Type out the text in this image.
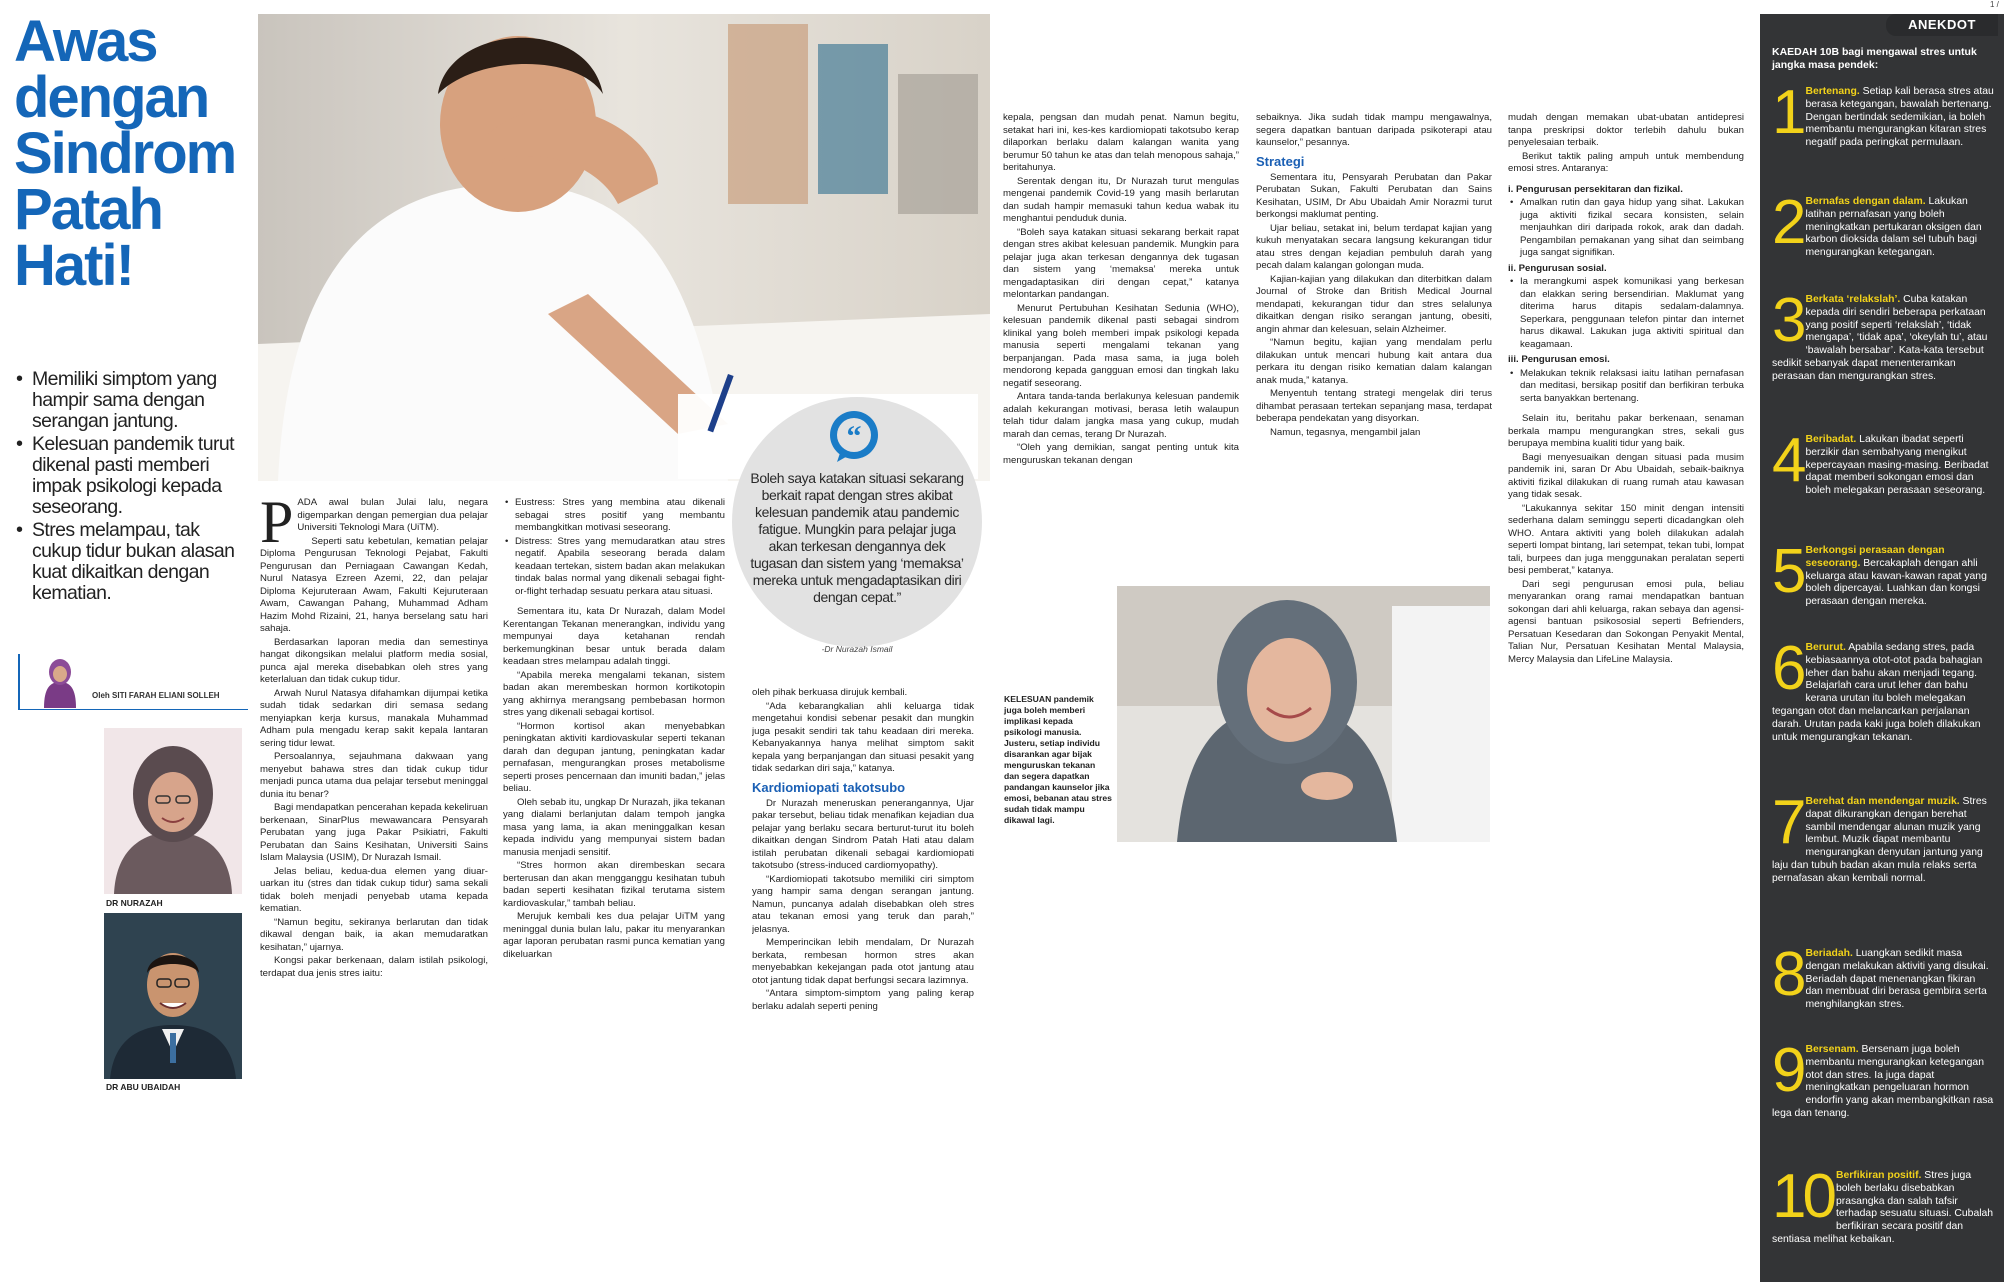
Awas dengan Sindrom Patah Hati!
• Memiliki simptom yang hampir sama dengan serangan jantung.
• Kelesuan pandemik turut dikenal pasti memberi impak psikologi kepada seseorang.
• Stres melampau, tak cukup tidur bukan alasan kuat dikaitkan dengan kematian.
Oleh SITI FARAH ELIANI SOLLEH
DR NURAZAH
DR ABU UBAIDAH

PADA awal bulan Julai lalu, negara digemparkan dengan pemergian dua pelajar Universiti Teknologi Mara (UiTM).

Seperti satu kebetulan, kematian pelajar Diploma Pengurusan Teknologi Pejabat, Fakulti Pengurusan dan Perniagaan Cawangan Kedah, Nurul Natasya Ezreen Azemi, 22, dan pelajar Diploma Kejuruteraan Awam, Fakulti Kejuruteraan Awam, Cawangan Pahang, Muhammad Adham Hazim Mohd Rizaini, 21, hanya berselang satu hari sahaja.

Berdasarkan laporan media dan semestinya hangat dikongsikan melalui platform media sosial, punca ajal mereka disebabkan oleh stres yang keterlaluan dan tidak cukup tidur.

Arwah Nurul Natasya difahamkan dijumpai ketika sudah tidak sedarkan diri semasa sedang menyiapkan kerja kursus, manakala Muhammad Adham pula mengadu kerap sakit kepala lantaran sering tidur lewat.

Persoalannya, sejauhmana dakwaan yang menyebut bahawa stres dan tidak cukup tidur menjadi punca utama dua pelajar tersebut meninggal dunia itu benar?

Bagi mendapatkan pencerahan kepada kekeliruan berkenaan, SinarPlus mewawancara Pensyarah Perubatan yang juga Pakar Psikiatri, Fakulti Perubatan dan Sains Kesihatan, Universiti Sains Islam Malaysia (USIM), Dr Nurazah Ismail.

Jelas beliau, kedua-dua elemen yang diuar-uarkan itu (stres dan tidak cukup tidur) sama sekali tidak boleh menjadi penyebab utama kepada kematian.

“Namun begitu, sekiranya berlarutan dan tidak dikawal dengan baik, ia akan memudaratkan kesihatan,” ujarnya.

Kongsi pakar berkenaan, dalam istilah psikologi, terdapat dua jenis stres iaitu:

• Eustress: Stres yang membina atau dikenali sebagai stres positif yang membantu membangkitkan motivasi seseorang.
• Distress: Stres yang memudaratkan atau stres negatif. Apabila seseorang berada dalam keadaan tertekan, sistem badan akan melakukan tindak balas normal yang dikenali sebagai fight-or-flight terhadap sesuatu perkara atau situasi.

Sementara itu, kata Dr Nurazah, dalam Model Kerentangan Tekanan menerangkan, individu yang mempunyai daya ketahanan rendah berkemungkinan besar untuk berada dalam keadaan stres melampau adalah tinggi.

“Apabila mereka mengalami tekanan, sistem badan akan merembeskan hormon kortikotopin yang akhirnya merangsang pembebasan hormon stres yang dikenali sebagai kortisol.

“Hormon kortisol akan menyebabkan peningkatan aktiviti kardiovaskular seperti tekanan darah dan degupan jantung, peningkatan kadar pernafasan, mengurangkan proses metabolisme seperti proses pencernaan dan imuniti badan,” jelas beliau.

Oleh sebab itu, ungkap Dr Nurazah, jika tekanan yang dialami berlanjutan dalam tempoh jangka masa yang lama, ia akan meninggalkan kesan kepada individu yang mempunyai sistem badan manusia menjadi sensitif.

“Stres hormon akan dirembeskan secara berterusan dan akan mengganggu kesihatan tubuh badan seperti kesihatan fizikal terutama sistem kardiovaskular,” tambah beliau.

Merujuk kembali kes dua pelajar UiTM yang meninggal dunia bulan lalu, pakar itu menyarankan agar laporan perubatan rasmi punca kematian yang dikeluarkan

“
Boleh saya katakan situasi sekarang berkait rapat dengan stres akibat kelesuan pandemik atau pandemic fatigue. Mungkin para pelajar juga akan terkesan dengannya dek tugasan dan sistem yang ‘memaksa’ mereka untuk mengadaptasikan diri dengan cepat.”
-Dr Nurazah Ismail

oleh pihak berkuasa dirujuk kembali.

“Ada kebarangkalian ahli keluarga tidak mengetahui kondisi sebenar pesakit dan mungkin juga pesakit sendiri tak tahu keadaan diri mereka. Kebanyakannya hanya melihat simptom sakit kepala yang berpanjangan dan situasi pesakit yang tidak sedarkan diri saja,” katanya.

Kardiomiopati takotsubo

Dr Nurazah meneruskan penerangannya, Ujar pakar tersebut, beliau tidak menafikan kejadian dua pelajar yang berlaku secara berturut-turut itu boleh dikaitkan dengan Sindrom Patah Hati atau dalam istilah perubatan dikenali sebagai kardiomiopati takotsubo (stress-induced cardiomyopathy).

“Kardiomiopati takotsubo memiliki ciri simptom yang hampir sama dengan serangan jantung. Namun, puncanya adalah disebabkan oleh stres atau tekanan emosi yang teruk dan parah,” jelasnya.

Memperincikan lebih mendalam, Dr Nurazah berkata, rembesan hormon stres akan menyebabkan kekejangan pada otot jantung atau otot jantung tidak dapat berfungsi secara lazimnya.

“Antara simptom-simptom yang paling kerap berlaku adalah seperti pening

kepala, pengsan dan mudah penat. Namun begitu, setakat hari ini, kes-kes kardiomiopati takotsubo kerap dilaporkan berlaku dalam kalangan wanita yang berumur 50 tahun ke atas dan telah menopous sahaja,” beritahunya.

Serentak dengan itu, Dr Nurazah turut mengulas mengenai pandemik Covid-19 yang masih berlarutan dan sudah hampir memasuki tahun kedua wabak itu menghantui penduduk dunia.

“Boleh saya katakan situasi sekarang berkait rapat dengan stres akibat kelesuan pandemik. Mungkin para pelajar juga akan terkesan dengannya dek tugasan dan sistem yang ‘memaksa’ mereka untuk mengadaptasikan diri dengan cepat,” katanya melontarkan pandangan.

Menurut Pertubuhan Kesihatan Sedunia (WHO), kelesuan pandemik dikenal pasti sebagai sindrom klinikal yang boleh memberi impak psikologi kepada manusia seperti mengalami tekanan yang berpanjangan. Pada masa sama, ia juga boleh mendorong kepada gangguan emosi dan tingkah laku negatif seseorang.

Antara tanda-tanda berlakunya kelesuan pandemik adalah kekurangan motivasi, berasa letih walaupun telah tidur dalam jangka masa yang cukup, mudah marah dan cemas, terang Dr Nurazah.

“Oleh yang demikian, sangat penting untuk kita menguruskan tekanan dengan

sebaiknya. Jika sudah tidak mampu mengawalnya, segera dapatkan bantuan daripada psikoterapi atau kaunselor,” pesannya.

Strategi

Sementara itu, Pensyarah Perubatan dan Pakar Perubatan Sukan, Fakulti Perubatan dan Sains Kesihatan, USIM, Dr Abu Ubaidah Amir Norazmi turut berkongsi maklumat penting.

Ujar beliau, setakat ini, belum terdapat kajian yang kukuh menyatakan secara langsung kekurangan tidur atau stres dengan kejadian pembuluh darah yang pecah dalam kalangan golongan muda.

Kajian-kajian yang dilakukan dan diterbitkan dalam Journal of Stroke dan British Medical Journal mendapati, kekurangan tidur dan stres selalunya dikaitkan dengan risiko serangan jantung, obesiti, angin ahmar dan kelesuan, selain Alzheimer.

“Namun begitu, kajian yang mendalam perlu dilakukan untuk mencari hubung kait antara dua perkara itu dengan risiko kematian dalam kalangan anak muda,” katanya.

Menyentuh tentang strategi mengelak diri terus dihambat perasaan tertekan sepanjang masa, terdapat beberapa pendekatan yang disyorkan.

Namun, tegasnya, mengambil jalan

KELESUAN pandemik juga boleh memberi implikasi kepada psikologi manusia. Justeru, setiap individu disarankan agar bijak menguruskan tekanan dan segera dapatkan pandangan kaunselor jika emosi, bebanan atau stres sudah tidak mampu dikawal lagi.

mudah dengan memakan ubat-ubatan antidepresi tanpa preskripsi doktor terlebih dahulu bukan penyelesaian terbaik.

Berikut taktik paling ampuh untuk membendung emosi stres. Antaranya:

i. Pengurusan persekitaran dan fizikal.

• Amalkan rutin dan gaya hidup yang sihat. Lakukan juga aktiviti fizikal secara konsisten, selain menjauhkan diri daripada rokok, arak dan dadah. Pengambilan pemakanan yang sihat dan seimbang juga sangat signifikan.

ii. Pengurusan sosial.

• Ia merangkumi aspek komunikasi yang berkesan dan elakkan sering bersendirian. Maklumat yang diterima harus ditapis sedalam-dalamnya. Seperkara, penggunaan telefon pintar dan internet harus dikawal. Lakukan juga aktiviti spiritual dan keagamaan.

iii. Pengurusan emosi.

• Melakukan teknik relaksasi iaitu latihan pernafasan dan meditasi, bersikap positif dan berfikiran terbuka serta banyakkan bertenang.

Selain itu, beritahu pakar berkenaan, senaman berkala mampu mengurangkan stres, sekali gus berupaya membina kualiti tidur yang baik.

Bagi menyesuaikan dengan situasi pada musim pandemik ini, saran Dr Abu Ubaidah, sebaik-baiknya aktiviti fizikal dilakukan di ruang rumah atau kawasan yang tidak sesak.

“Lakukannya sekitar 150 minit dengan intensiti sederhana dalam seminggu seperti dicadangkan oleh WHO. Antara aktiviti yang boleh dilakukan adalah seperti lompat bintang, lari setempat, tekan tubi, lompat tali, burpees dan juga menggunakan peralatan seperti besi pemberat,” katanya.

Dari segi pengurusan emosi pula, beliau menyarankan orang ramai mendapatkan bantuan sokongan dari ahli keluarga, rakan sebaya dan agensi-agensi bantuan psikososial seperti Befrienders, Persatuan Kesedaran dan Sokongan Penyakit Mental, Talian Nur, Persatuan Kesihatan Mental Malaysia, Mercy Malaysia dan LifeLine Malaysia.

1 /
ANEKDOT
KAEDAH 10B bagi mengawal stres untuk jangka masa pendek:
1 Bertenang. Setiap kali berasa stres atau berasa ketegangan, bawalah bertenang. Dengan bertindak sedemikian, ia boleh membantu mengurangkan kitaran stres negatif pada peringkat permulaan.
2 Bernafas dengan dalam. Lakukan latihan pernafasan yang boleh meningkatkan pertukaran oksigen dan karbon dioksida dalam sel tubuh bagi mengurangkan ketegangan.
3 Berkata ‘relakslah’. Cuba katakan kepada diri sendiri beberapa perkataan yang positif seperti ‘relakslah’, ‘tidak mengapa’, ‘tidak apa’, ‘okeylah tu’, atau ‘bawalah bersabar’. Kata-kata tersebut sedikit sebanyak dapat menenteramkan perasaan dan mengurangkan stres.
4 Beribadat. Lakukan ibadat seperti berzikir dan sembahyang mengikut kepercayaan masing-masing. Beribadat dapat memberi sokongan emosi dan boleh melegakan perasaan seseorang.
5 Berkongsi perasaan dengan seseorang. Bercakaplah dengan ahli keluarga atau kawan-kawan rapat yang boleh dipercayai. Luahkan dan kongsi perasaan dengan mereka.
6 Berurut. Apabila sedang stres, pada kebiasaannya otot-otot pada bahagian leher dan bahu akan menjadi tegang. Belajarlah cara urut leher dan bahu kerana urutan itu boleh melegakan tegangan otot dan melancarkan perjalanan darah. Urutan pada kaki juga boleh dilakukan untuk mengurangkan tekanan.
7 Berehat dan mendengar muzik. Stres dapat dikurangkan dengan berehat sambil mendengar alunan muzik yang lembut. Muzik dapat membantu mengurangkan denyutan jantung yang laju dan tubuh badan akan mula relaks serta pernafasan akan kembali normal.
8 Beriadah. Luangkan sedikit masa dengan melakukan aktiviti yang disukai. Beriadah dapat menenangkan fikiran dan membuat diri berasa gembira serta menghilangkan stres.
9 Bersenam. Bersenam juga boleh membantu mengurangkan ketegangan otot dan stres. Ia juga dapat meningkatkan pengeluaran hormon endorfin yang akan membangkitkan rasa lega dan tenang.
10 Berfikiran positif. Stres juga boleh berlaku disebabkan prasangka dan salah tafsir terhadap sesuatu situasi. Cubalah berfikiran secara positif dan sentiasa melihat kebaikan.
